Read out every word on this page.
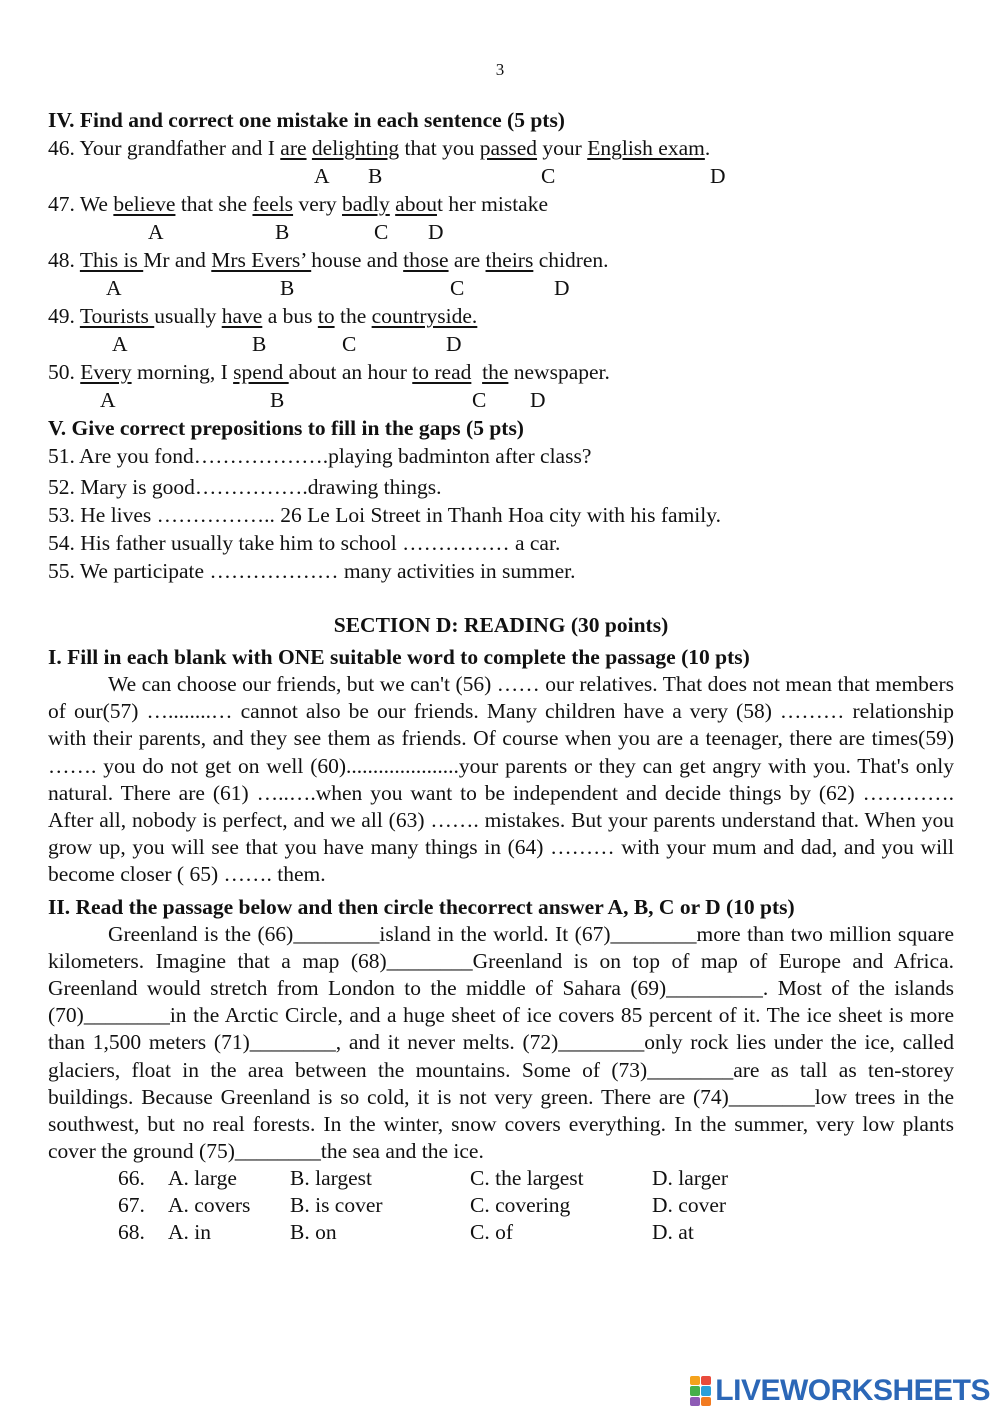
3
IV. Find and correct one mistake in each sentence (5 pts)
46. Your grandfather and I are delighting that you passed your English exam.
A B	C	D
47. We believe that she feels very badly about her mistake
A	B	C D
48. This is Mr and Mrs Evers’ house and those are theirs chidren.
A	B	C	D
49. Tourists usually have a bus to the countryside.
A	B	C	D
50. Every morning, I spend about an hour to read the newspaper.
A	B	C D
V. Give correct prepositions to fill in the gaps (5 pts)
51. Are you fond……………….playing badminton after class?
52. Mary is good…………….drawing things.
53. He lives …………….. 26 Le Loi Street in Thanh Hoa city with his family.
54. His father usually take him to school …………… a car.
55. We participate ……………… many activities in summer.
SECTION D: READING (30 points)
I. Fill in each blank with ONE suitable word to complete the passage (10 pts)
We can choose our friends, but we can't (56) …… our relatives. That does not mean that members of our(57) …........… cannot also be our friends. Many children have a very (58) ……… relationship with their parents, and they see them as friends. Of course when you are a teenager, there are times(59) ……. you do not get on well (60).....................your parents or they can get angry with you. That's only natural. There are (61) …..….when you want to be independent and decide things by (62) …………. After all, nobody is perfect, and we all (63) ……. mistakes. But your parents understand that. When you grow up, you will see that you have many things in (64) ……… with your mum and dad, and you will become closer ( 65) ……. them.
II. Read the passage below and then circle thecorrect answer A, B, C or D (10 pts)
Greenland is the (66)________island in the world. It (67)________more than two million square kilometers. Imagine that a map (68)________Greenland is on top of map of Europe and Africa. Greenland would stretch from London to the middle of Sahara (69)_________. Most of the islands (70)________in the Arctic Circle, and a huge sheet of ice covers 85 percent of it. The ice sheet is more than 1,500 meters (71)________, and it never melts. (72)________only rock lies under the ice, called glaciers, float in the area between the mountains. Some of (73)________are as tall as ten-storey buildings. Because Greenland is so cold, it is not very green. There are (74)________low trees in the southwest, but no real forests. In the winter, snow covers everything. In the summer, very low plants cover the ground (75)________the sea and the ice.
66. A. large B. largest	C. the largest	D. larger
67. A. covers B. is cover	C. covering	D. cover
68. A. in	B. on	C. of	D. at
LIVEWORKSHEETS
